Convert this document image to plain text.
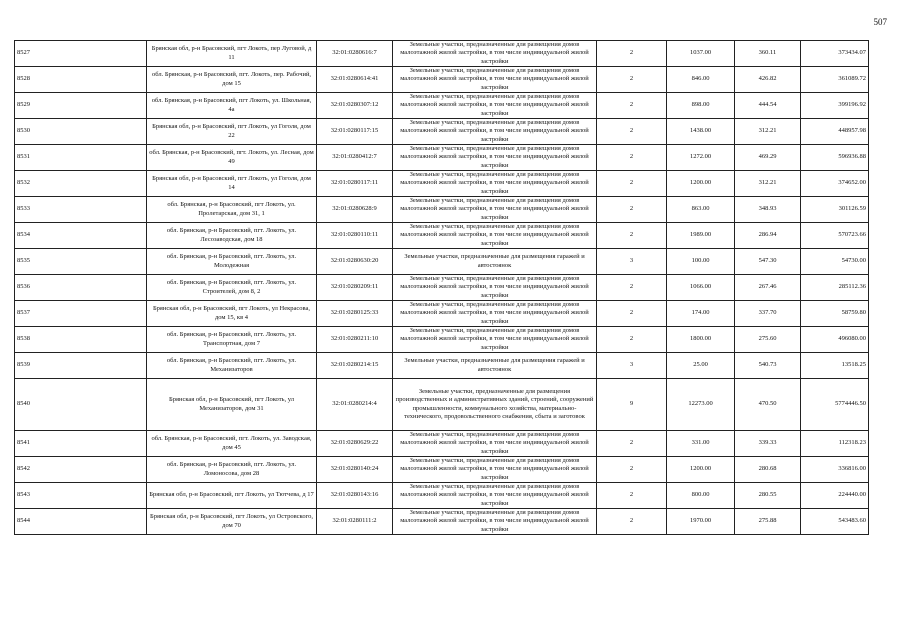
507
8527	Брянская обл, р-н Брасовский, пгт Локоть, пер Луговой, д 11	32:01:0280616:7	Земельные участки, предназначенные для размещения домов малоэтажной жилой застройки, в том числе индивидуальной жилой застройки	2	1037.00	360.11	373434.07
8528	обл. Брянская, р-н Брасовский, пгт. Локоть, пер. Рабочий, дом 15	32:01:0280614:41	Земельные участки, предназначенные для размещения домов малоэтажной жилой застройки, в том числе индивидуальной жилой застройки	2	846.00	426.82	361089.72
8529	обл. Брянская, р-н Брасовский, пгт Локоть, ул. Школьная, 4а	32:01:0280307:12	Земельные участки, предназначенные для размещения домов малоэтажной жилой застройки, в том числе индивидуальной жилой застройки	2	898.00	444.54	399196.92
8530	Брянская обл, р-н Брасовский, пгт Локоть, ул Гоголя, дом 22	32:01:0280117:15	Земельные участки, предназначенные для размещения домов малоэтажной жилой застройки, в том числе индивидуальной жилой застройки	2	1438.00	312.21	448957.98
8531	обл. Брянская, р-н Брасовский, пгт. Локоть, ул. Лесная, дом 49	32:01:0280412:7	Земельные участки, предназначенные для размещения домов малоэтажной жилой застройки, в том числе индивидуальной жилой застройки	2	1272.00	469.29	596936.88
8532	Брянская обл, р-н Брасовский, пгт Локоть, ул Гоголя, дом 14	32:01:0280117:11	Земельные участки, предназначенные для размещения домов малоэтажной жилой застройки, в том числе индивидуальной жилой застройки	2	1200.00	312.21	374652.00
8533	обл. Брянская, р-н Брасовский, пгт Локоть, ул. Пролетарская, дом 31, 1	32:01:0280628:9	Земельные участки, предназначенные для размещения домов малоэтажной жилой застройки, в том числе индивидуальной жилой застройки	2	863.00	348.93	301126.59
8534	обл. Брянская, р-н Брасовский, пгт. Локоть, ул. Лесозаводская, дом 18	32:01:0280110:11	Земельные участки, предназначенные для размещения домов малоэтажной жилой застройки, в том числе индивидуальной жилой застройки	2	1989.00	286.94	570723.66
8535	обл. Брянская, р-н Брасовский, пгт. Локоть, ул. Молодежная	32:01:0280630:20	Земельные участки, предназначенные для размещения гаражей и автостоянок	3	100.00	547.30	54730.00
8536	обл. Брянская, р-н Брасовский, пгт. Локоть, ул. Строителей, дом 8, 2	32:01:0280209:11	Земельные участки, предназначенные для размещения домов малоэтажной жилой застройки, в том числе индивидуальной жилой застройки	2	1066.00	267.46	285112.36
8537	Брянская обл, р-н Брасовский, пгт Локоть, ул Некрасова, дом 15, кв 4	32:01:0280125:33	Земельные участки, предназначенные для размещения домов малоэтажной жилой застройки, в том числе индивидуальной жилой застройки	2	174.00	337.70	58759.80
8538	обл. Брянская, р-н Брасовский, пгт. Локоть, ул. Транспортная, дом 7	32:01:0280211:10	Земельные участки, предназначенные для размещения домов малоэтажной жилой застройки, в том числе индивидуальной жилой застройки	2	1800.00	275.60	496080.00
8539	обл. Брянская, р-н Брасовский, пгт. Локоть, ул. Механизаторов	32:01:0280214:15	Земельные участки, предназначенные для размещения гаражей и автостоянок	3	25.00	540.73	13518.25
8540	Брянская обл, р-н Брасовский, пгт Локоть, ул Механизаторов, дом 31	32:01:0280214:4	Земельные участки, предназначенные для размещения производственных и административных зданий, строений, сооружений промышленности, коммунального хозяйства, материально-технического, продовольственного снабжения, сбыта и заготовок	9	12273.00	470.50	5774446.50
8541	обл. Брянская, р-н Брасовский, пгт. Локоть, ул. Заводская, дом 45	32:01:0280629:22	Земельные участки, предназначенные для размещения домов малоэтажной жилой застройки, в том числе индивидуальной жилой застройки	2	331.00	339.33	112318.23
8542	обл. Брянская, р-н Брасовский, пгт. Локоть, ул. Ломоносова, дом 28	32:01:0280140:24	Земельные участки, предназначенные для размещения домов малоэтажной жилой застройки, в том числе индивидуальной жилой застройки	2	1200.00	280.68	336816.00
8543	Брянская обл, р-н Брасовский, пгт Локоть, ул Тютчева, д 17	32:01:0280143:16	Земельные участки, предназначенные для размещения домов малоэтажной жилой застройки, в том числе индивидуальной жилой застройки	2	800.00	280.55	224440.00
8544	Брянская обл, р-н Брасовский, пгт Локоть, ул Островского, дом 70	32:01:0280111:2	Земельные участки, предназначенные для размещения домов малоэтажной жилой застройки, в том числе индивидуальной жилой застройки	2	1970.00	275.88	543483.60
